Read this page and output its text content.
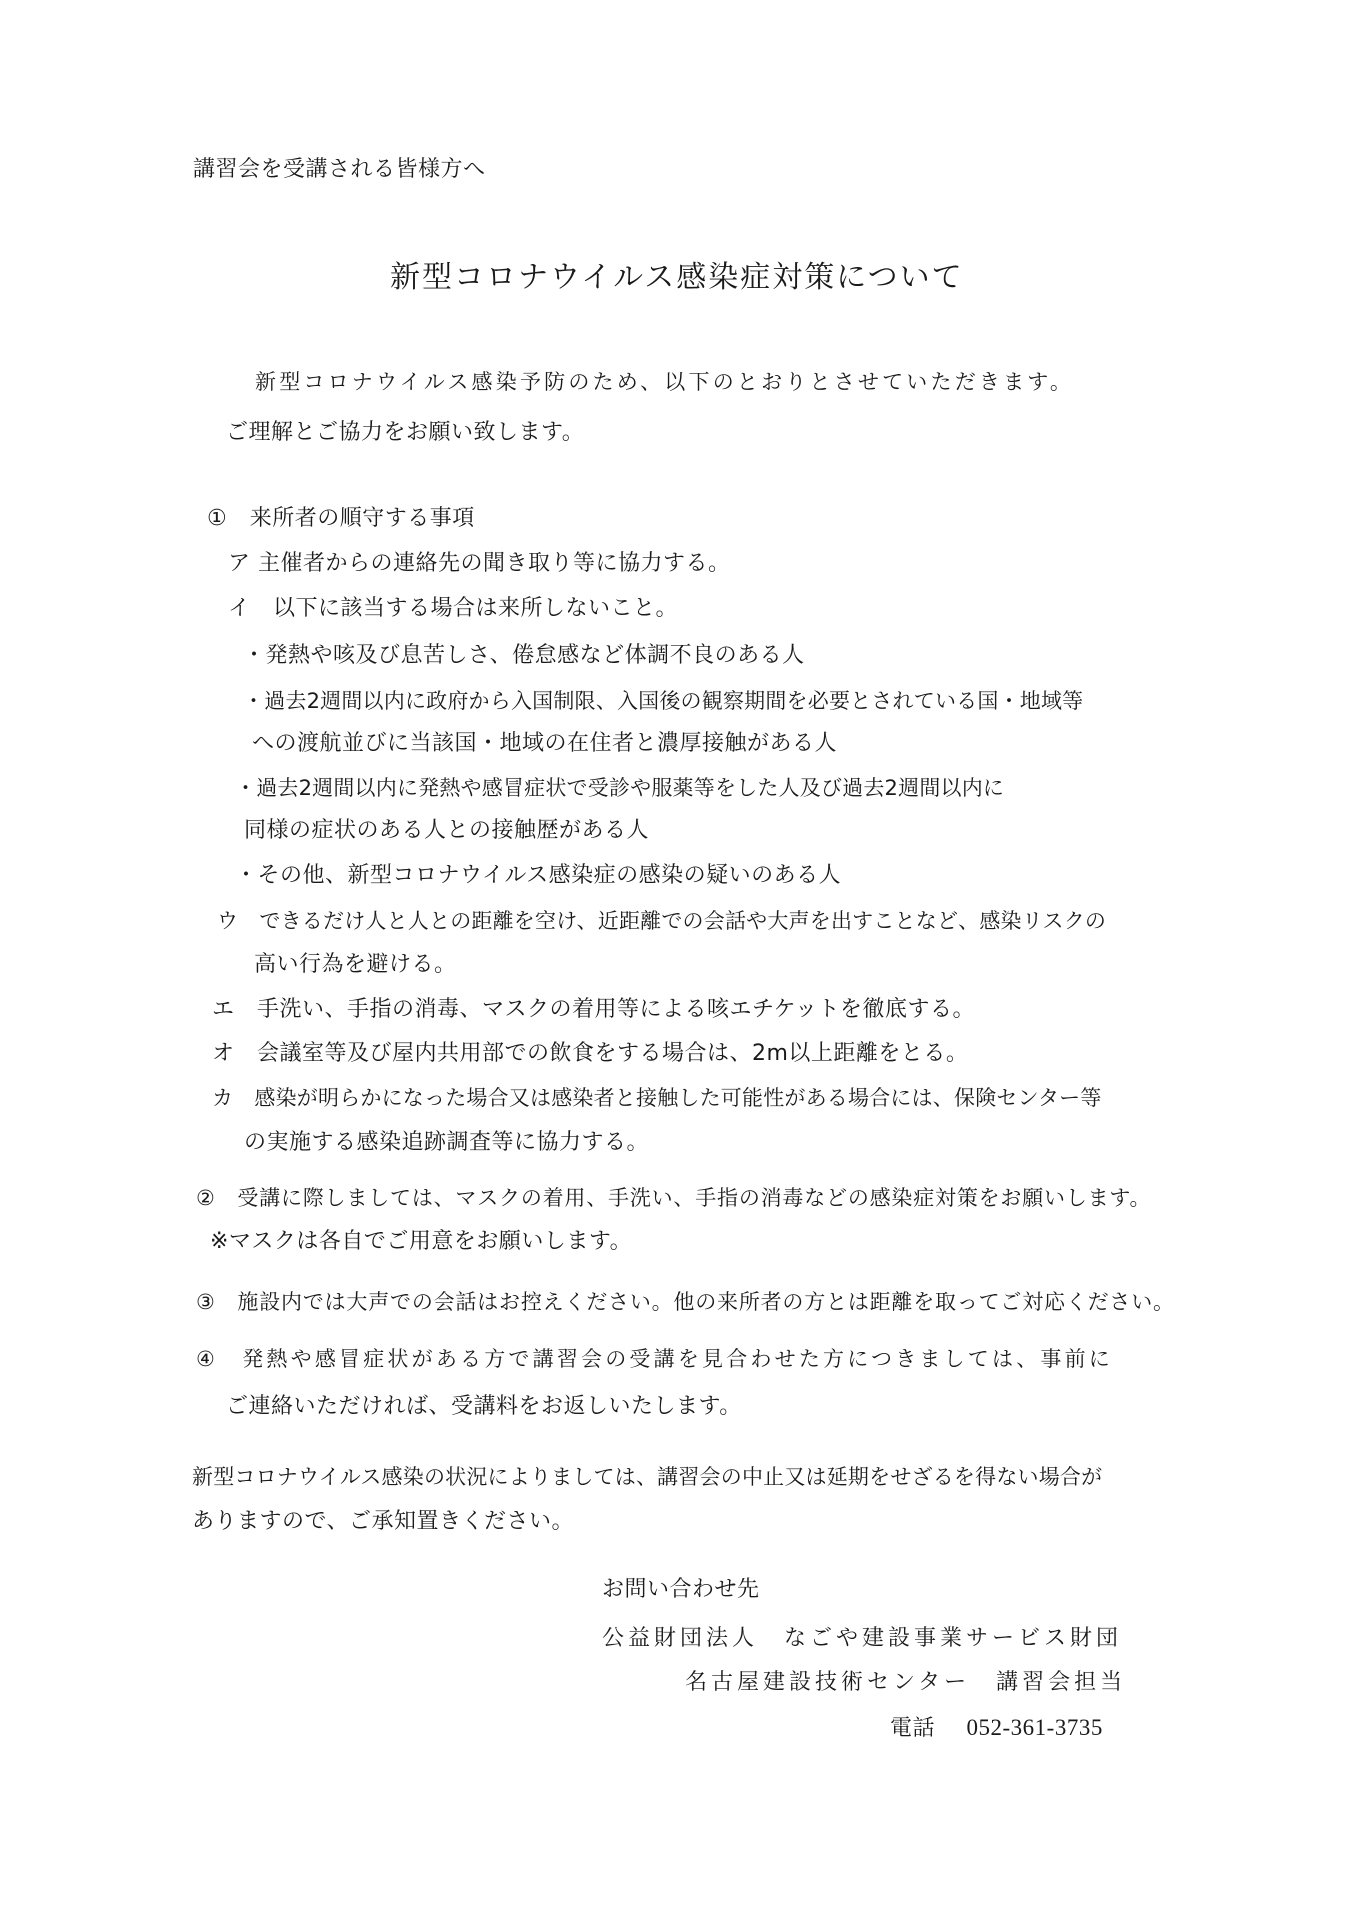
講習会を受講される皆様方へ
新型コロナウイルス感染症対策について
新型コロナウイルス感染予防のため、以下のとおりとさせていただきます。
ご理解とご協力をお願い致します。
①　来所者の順守する事項
ア 主催者からの連絡先の聞き取り等に協力する。
イ　以下に該当する場合は来所しないこと。
・発熱や咳及び息苦しさ、倦怠感など体調不良のある人
・過去2週間以内に政府から入国制限、入国後の観察期間を必要とされている国・地域等
への渡航並びに当該国・地域の在住者と濃厚接触がある人
・過去2週間以内に発熱や感冒症状で受診や服薬等をした人及び過去2週間以内に
同様の症状のある人との接触歴がある人
・その他、新型コロナウイルス感染症の感染の疑いのある人
ウ　できるだけ人と人との距離を空け、近距離での会話や大声を出すことなど、感染リスクの
高い行為を避ける。
エ　手洗い、手指の消毒、マスクの着用等による咳エチケットを徹底する。
オ　会議室等及び屋内共用部での飲食をする場合は、2m以上距離をとる。
カ　感染が明らかになった場合又は感染者と接触した可能性がある場合には、保険センター等
の実施する感染追跡調査等に協力する。
②　受講に際しましては、マスクの着用、手洗い、手指の消毒などの感染症対策をお願いします。
※マスクは各自でご用意をお願いします。
③　施設内では大声での会話はお控えください。他の来所者の方とは距離を取ってご対応ください。
④　発熱や感冒症状がある方で講習会の受講を見合わせた方につきましては、事前に
ご連絡いただければ、受講料をお返しいたします。
新型コロナウイルス感染の状況によりましては、講習会の中止又は延期をせざるを得ない場合が
ありますので、ご承知置きください。
お問い合わせ先
公益財団法人　なごや建設事業サービス財団
名古屋建設技術センター　講習会担当
電話 052-361-3735
